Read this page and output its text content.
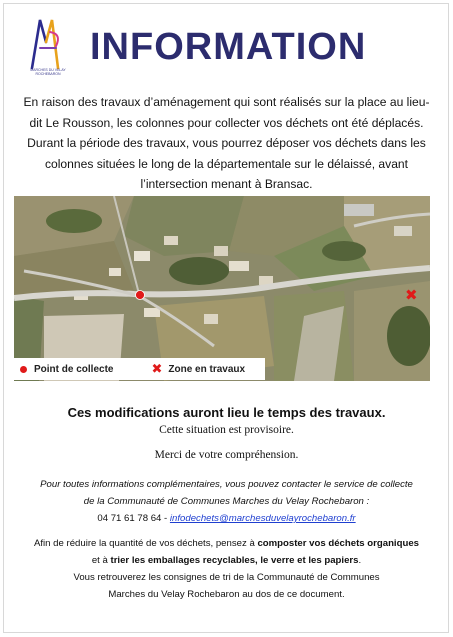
MARCHES DU VELAY ROCHEBARON
INFORMATION
En raison des travaux d’aménagement qui sont réalisés sur la place au lieu-
dit Le Rousson, les colonnes pour collecter vos déchets ont été déplacés.
Durant la période des travaux, vous pourrez déposer vos déchets dans les
colonnes situées le long de la départementale sur le délaissé, avant
l’intersection menant à Bransac.
✖
Point de collecte	✖ Zone en travaux
Ces modifications auront lieu le temps des travaux.
Cette situation est provisoire.
Merci de votre compréhension.
Pour toutes informations complémentaires, vous pouvez contacter le service de collecte
de la Communauté de Communes Marches du Velay Rochebaron :
04 71 61 78 64 - infodechets@marchesduvelayrochebaron.fr
Afin de réduire la quantité de vos déchets, pensez à composter vos déchets organiques
et à trier les emballages recyclables, le verre et les papiers.
Vous retrouverez les consignes de tri de la Communauté de Communes
Marches du Velay Rochebaron au dos de ce document.
